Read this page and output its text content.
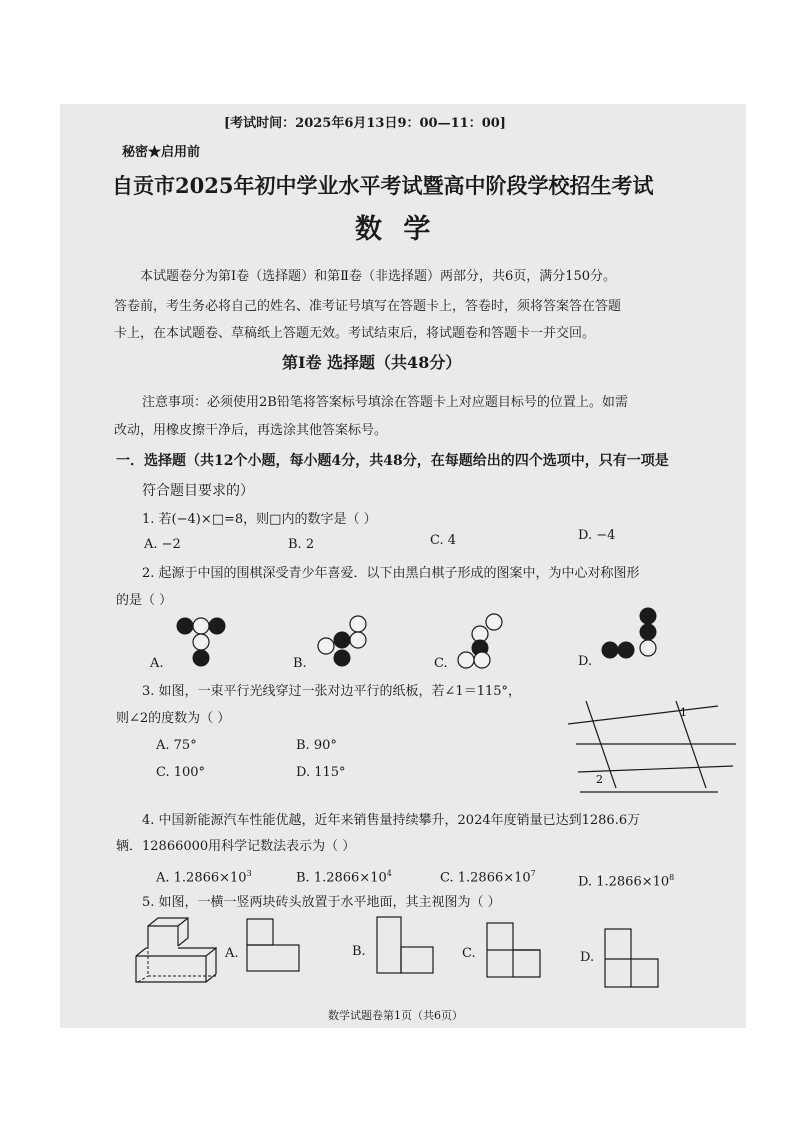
秘密★启用前
[考试时间：2025年6月13日9：00—11：00]
自贡市2025年初中学业水平考试暨高中阶段学校招生考试
数 学
本试题卷分为第Ⅰ卷（选择题）和第Ⅱ卷（非选择题）两部分，共6页，满分150分。
答卷前，考生务必将自己的姓名、准考证号填写在答题卡上，答卷时，须将答案答在答题
卡上，在本试题卷、草稿纸上答题无效。考试结束后，将试题卷和答题卡一并交回。
第Ⅰ卷 选择题（共48分）
注意事项：必须使用2B铅笔将答案标号填涂在答题卡上对应题目标号的位置上。如需
改动，用橡皮擦干净后，再选涂其他答案标号。
一．选择题（共12个小题，每小题4分，共48分，在每题给出的四个选项中，只有一项是
符合题目要求的）
1. 若(−4)×□=8，则□内的数字是（ ）
A. −2	B. 2	C. 4	D. −4
2. 起源于中国的围棋深受青少年喜爱．以下由黑白棋子形成的图案中，为中心对称图形
的是（ ）
A.	B.	C.	D.
3. 如图，一束平行光线穿过一张对边平行的纸板，若∠1＝115°，
则∠2的度数为（ ）
A. 75°	B. 90°
C. 100°	D. 115°
1
2
4. 中国新能源汽车性能优越，近年来销售量持续攀升，2024年度销量已达到1286.6万
辆．12866000用科学记数法表示为（ ）
A. $1.2866\times 10^3$	B. $1.2866\times 10^4$	C. $1.2866\times 10^7$
D. $1.2866\times 10^8$
5. 如图，一横一竖两块砖头放置于水平地面，其主视图为（ ）
A.	B.	C.	D.
数学试题卷第1页（共6页）
